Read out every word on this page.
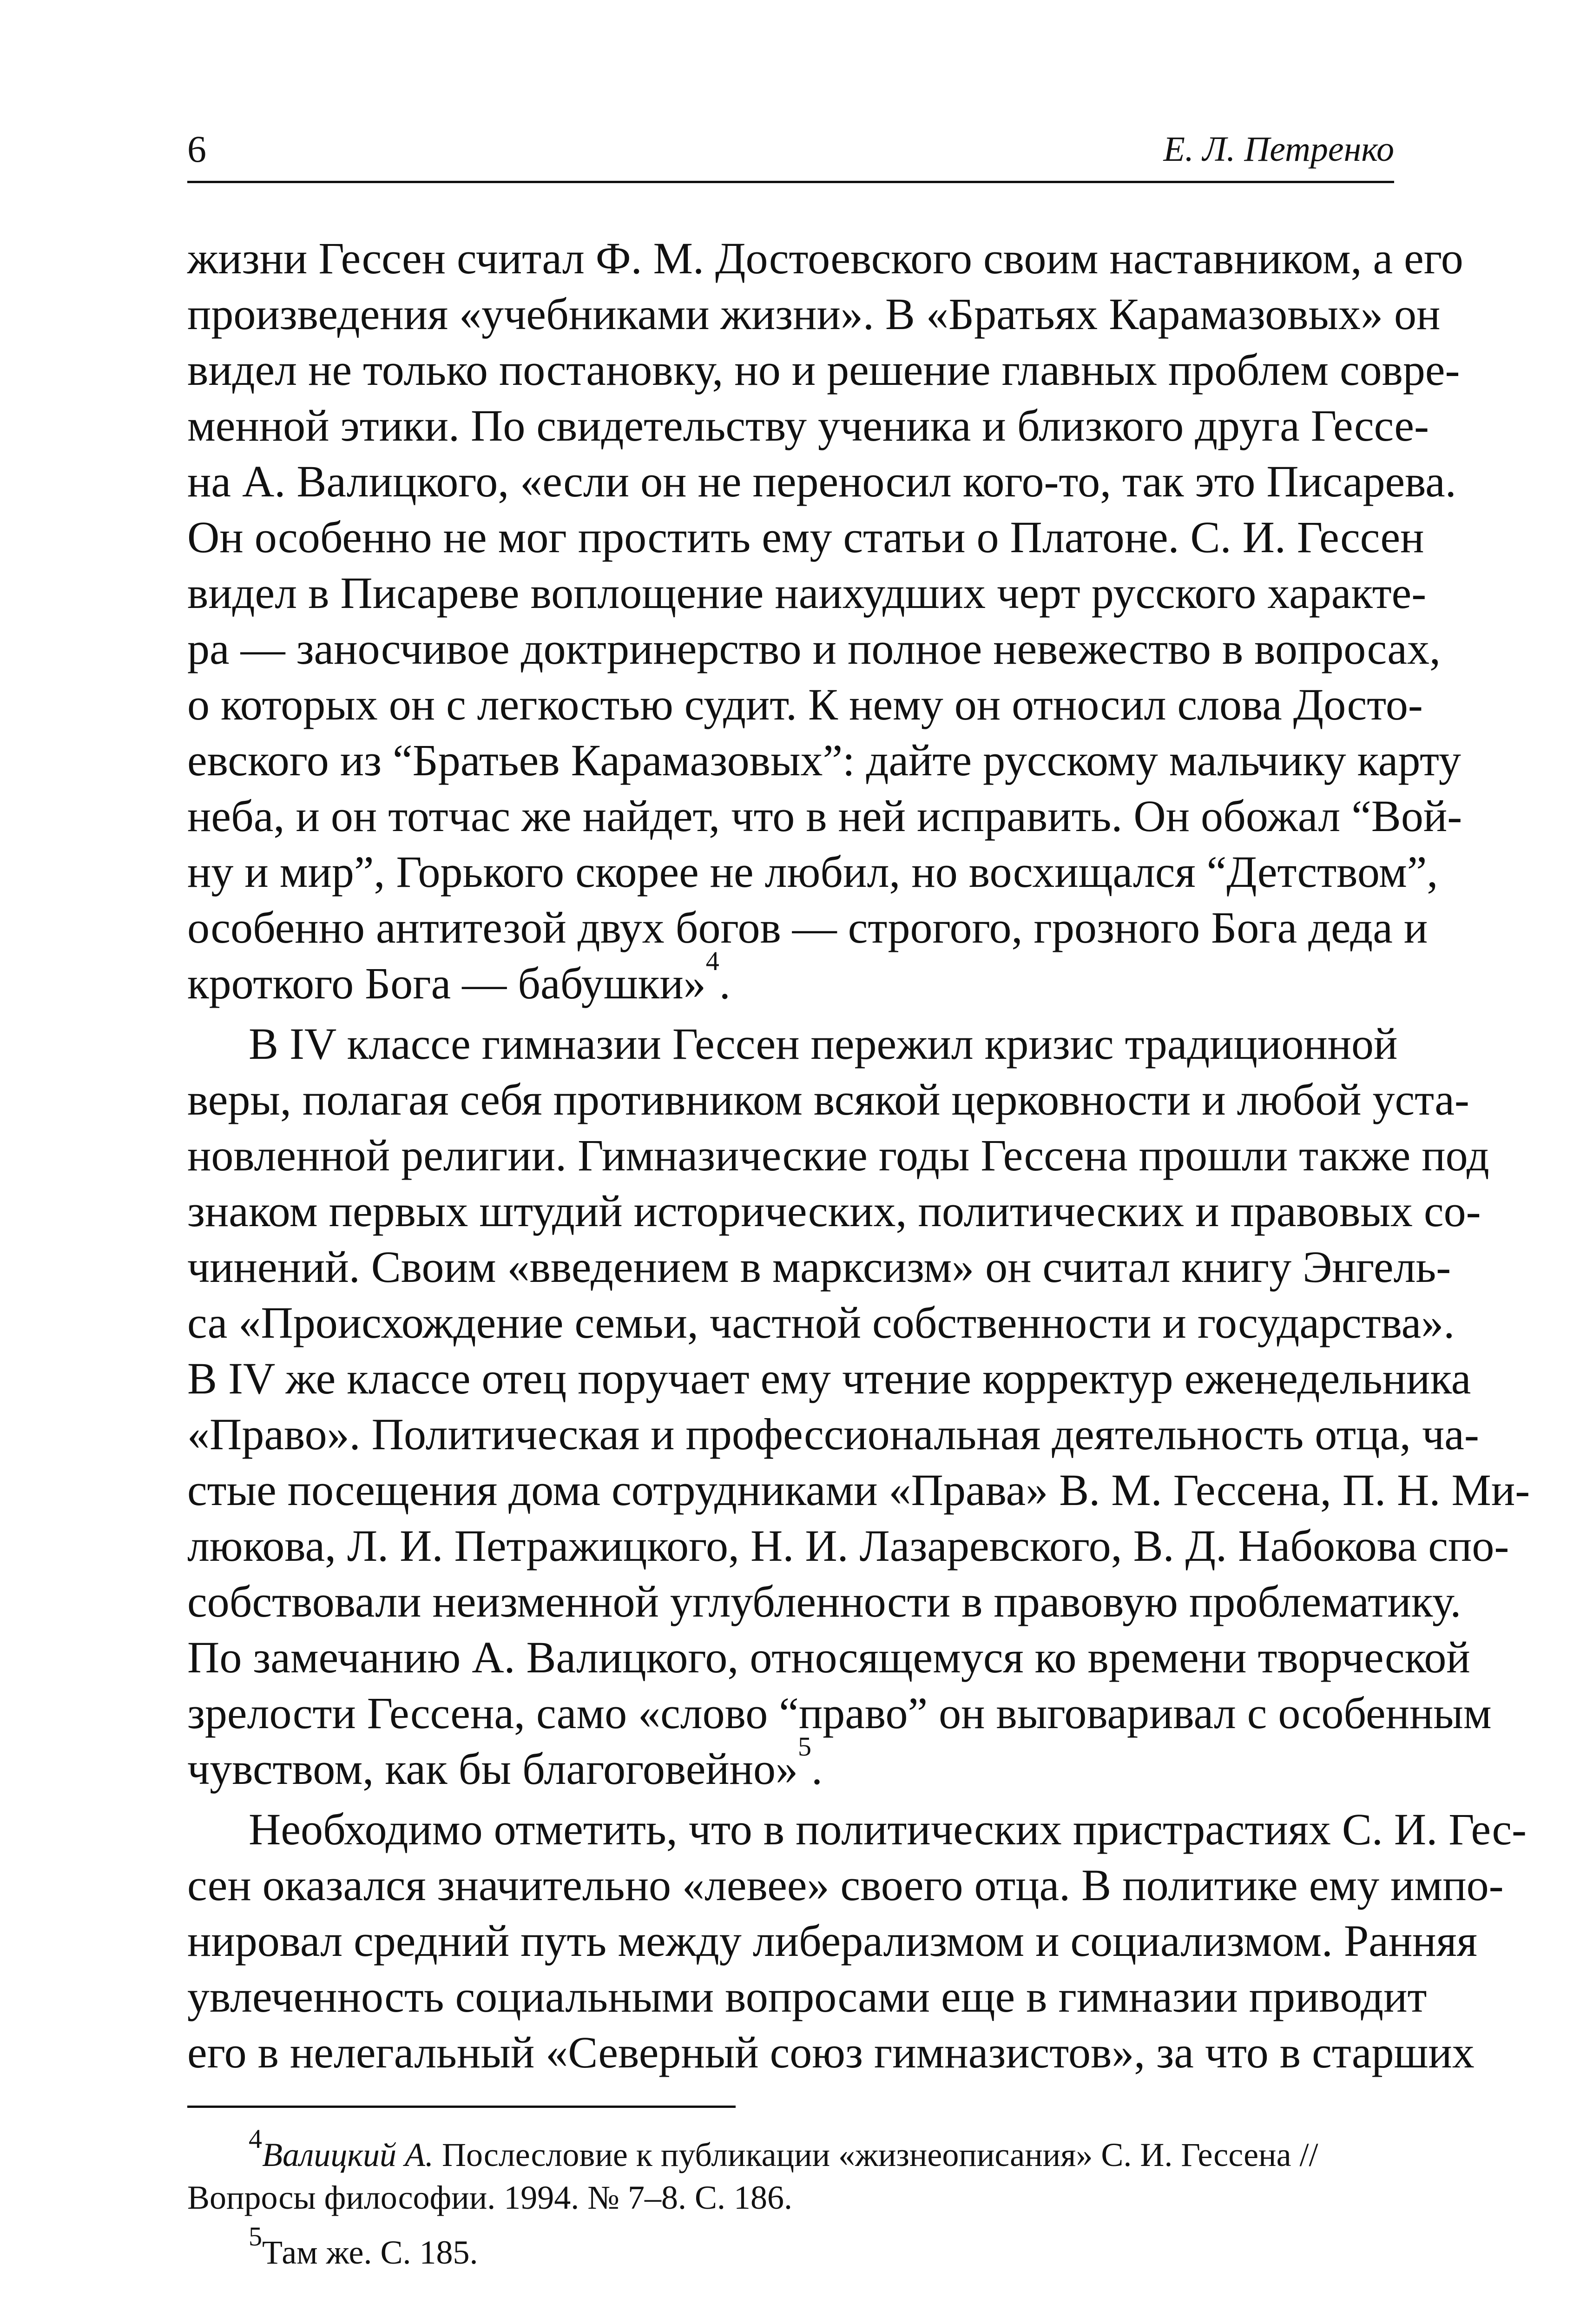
6	Е. Л. Петренко
жизни Гессен считал Ф. М. Достоевского своим наставником, а его
произведения «учебниками жизни». В «Братьях Карамазовых» он
видел не только постановку, но и решение главных проблем совре-
менной этики. По свидетельству ученика и близкого друга Гессе-
на А. Валицкого, «если он не переносил кого-то, так это Писарева.
Он особенно не мог простить ему статьи о Платоне. С. И. Гессен
видел в Писареве воплощение наихудших черт русского характе-
ра — заносчивое доктринерство и полное невежество в вопросах,
о которых он с легкостью судит. К нему он относил слова Досто-
евского из “Братьев Карамазовых”: дайте русскому мальчику карту
неба, и он тотчас же найдет, что в ней исправить. Он обожал “Вой-
ну и мир”, Горького скорее не любил, но восхищался “Детством”,
особенно антитезой двух богов — строгого, грозного Бога деда и
кроткого Бога — бабушки»$^4$.
В IV классе гимназии Гессен пережил кризис традиционной
веры, полагая себя противником всякой церковности и любой уста-
новленной религии. Гимназические годы Гессена прошли также под
знаком первых штудий исторических, политических и правовых со-
чинений. Своим «введением в марксизм» он считал книгу Энгель-
са «Происхождение семьи, частной собственности и государства».
В IV же классе отец поручает ему чтение корректур еженедельника
«Право». Политическая и профессиональная деятельность отца, ча-
стые посещения дома сотрудниками «Права» В. М. Гессена, П. Н. Ми-
люкова, Л. И. Петражицкого, Н. И. Лазаревского, В. Д. Набокова спо-
собствовали неизменной углубленности в правовую проблематику.
По замечанию А. Валицкого, относящемуся ко времени творческой
зрелости Гессена, само «слово “право” он выговаривал с особенным
чувством, как бы благоговейно»$^5$.
Необходимо отметить, что в политических пристрастиях С. И. Гес-
сен оказался значительно «левее» своего отца. В политике ему импо-
нировал средний путь между либерализмом и социализмом. Ранняя
увлеченность социальными вопросами еще в гимназии приводит
его в нелегальный «Северный союз гимназистов», за что в старших
$^4$Валицкий А. Послесловие к публикации «жизнеописания» С. И. Гессена //
Вопросы философии. 1994. № 7–8. С. 186.
$^5$Там же. С. 185.
